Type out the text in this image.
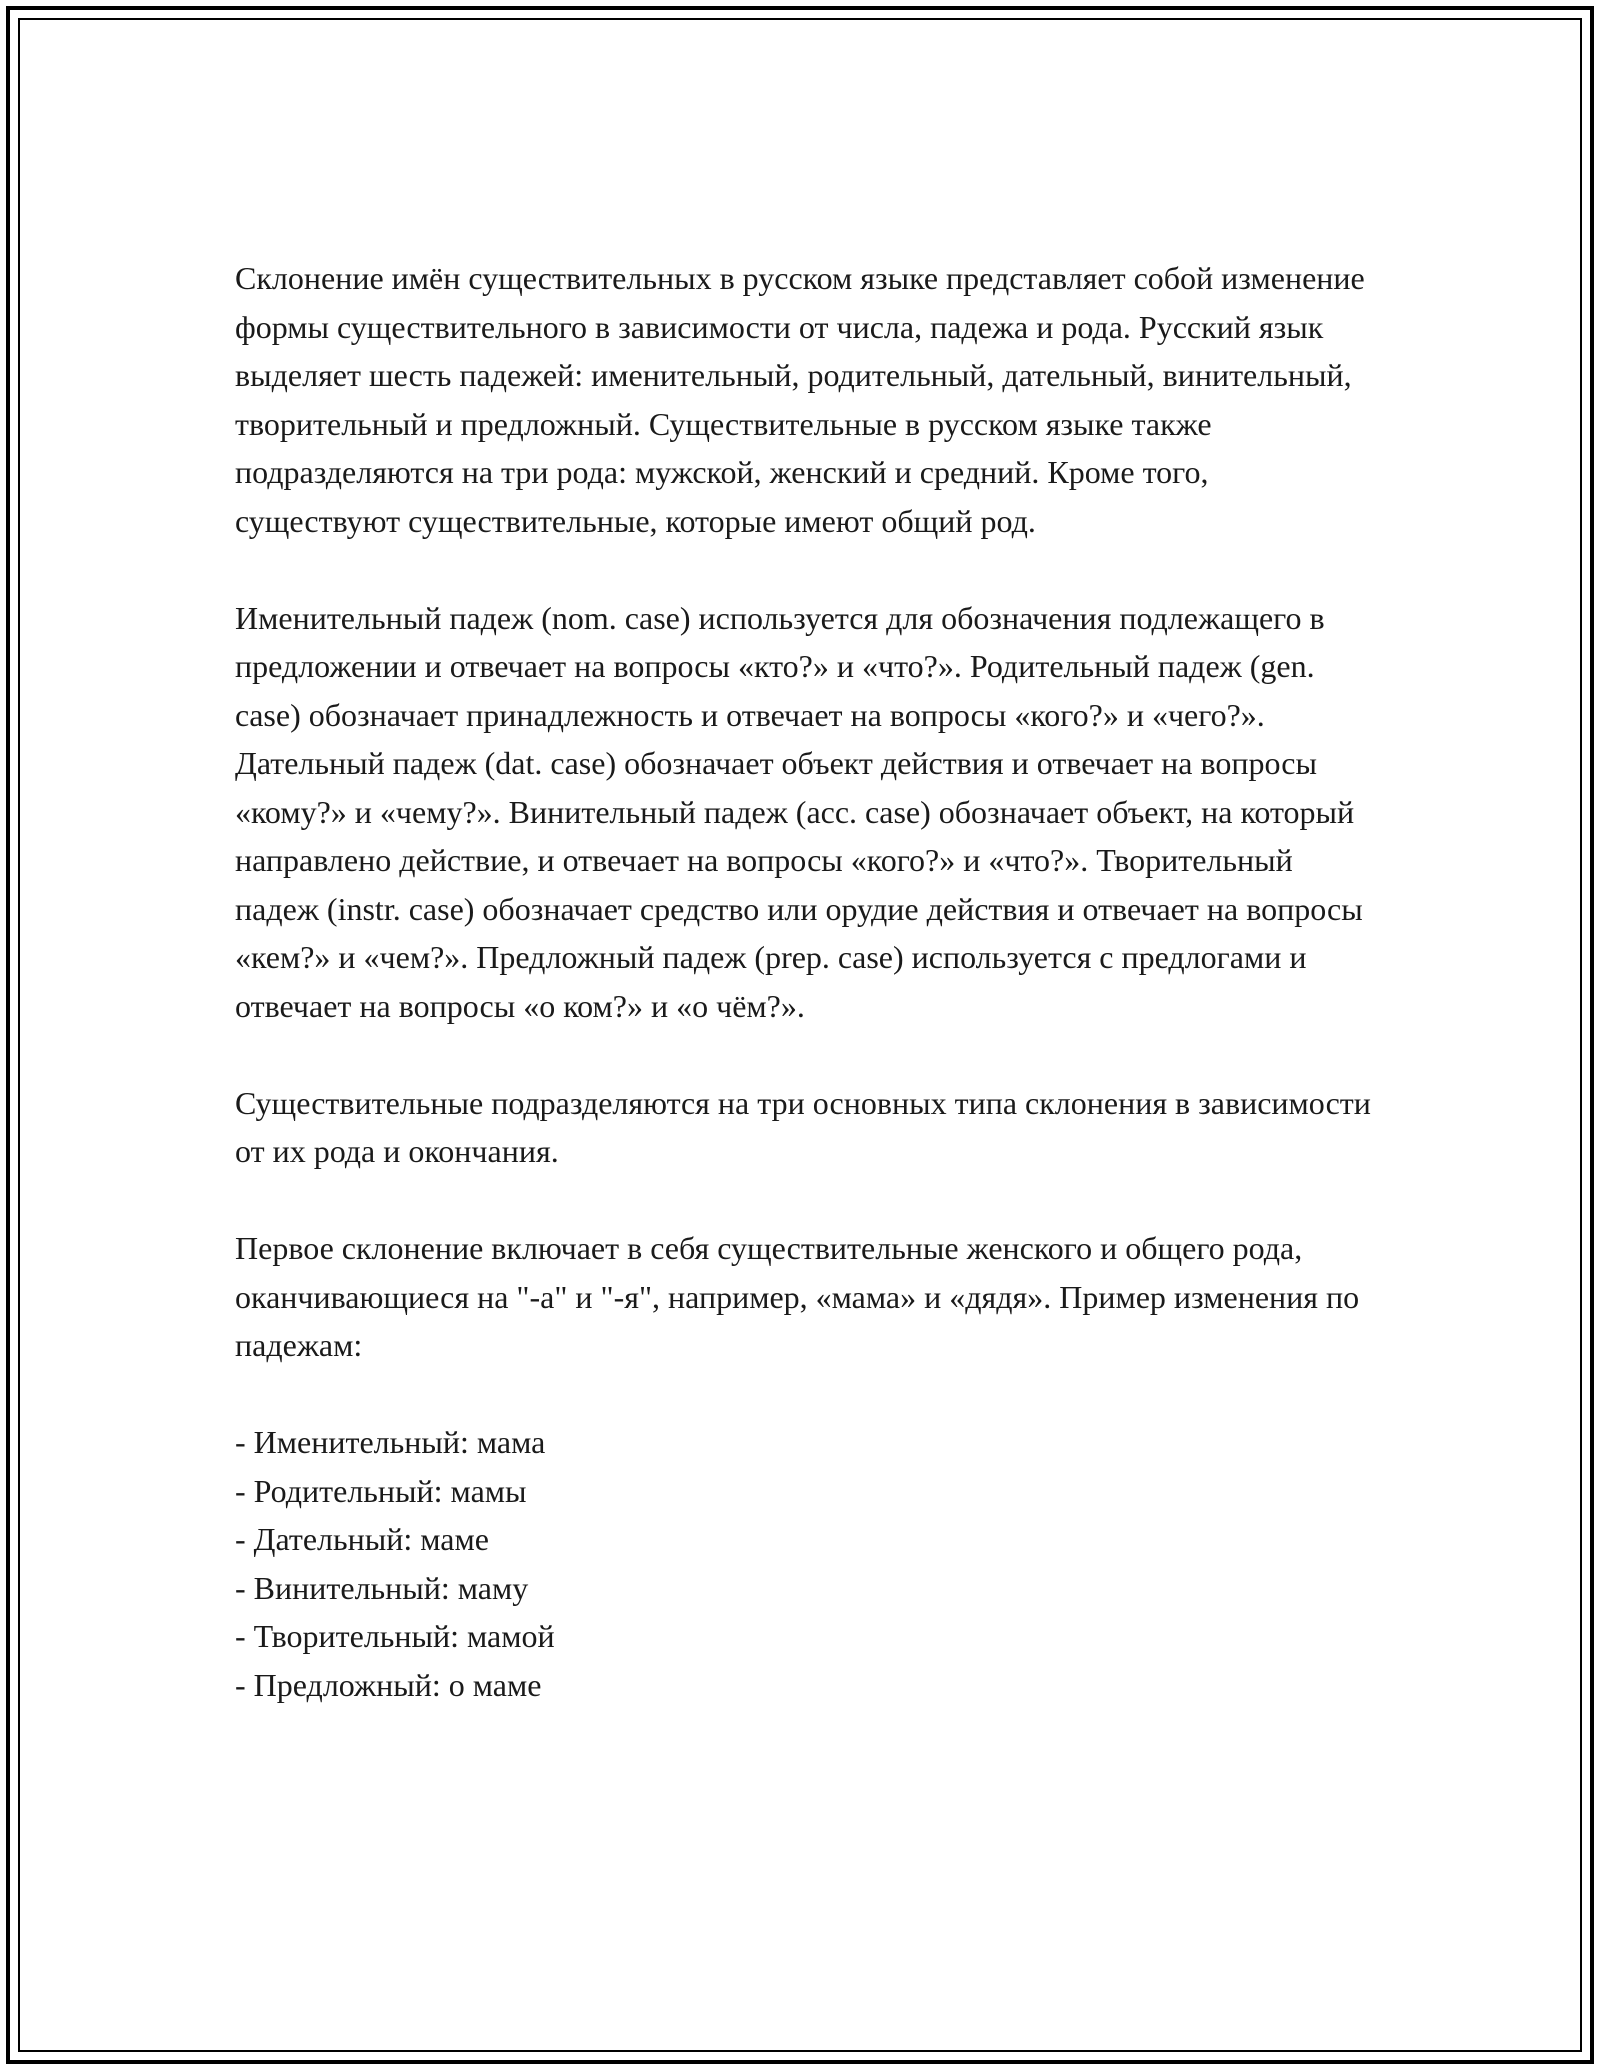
Склонение имён существительных в русском языке представляет собой изменение формы существительного в зависимости от числа, падежа и рода. Русский язык выделяет шесть падежей: именительный, родительный, дательный, винительный, творительный и предложный. Существительные в русском языке также подразделяются на три рода: мужской, женский и средний. Кроме того, существуют существительные, которые имеют общий род.

Именительный падеж (nom. case) используется для обозначения подлежащего в предложении и отвечает на вопросы «кто?» и «что?». Родительный падеж (gen. case) обозначает принадлежность и отвечает на вопросы «кого?» и «чего?». Дательный падеж (dat. case) обозначает объект действия и отвечает на вопросы «кому?» и «чему?». Винительный падеж (acc. case) обозначает объект, на который направлено действие, и отвечает на вопросы «кого?» и «что?». Творительный падеж (instr. case) обозначает средство или орудие действия и отвечает на вопросы «кем?» и «чем?». Предложный падеж (prep. case) используется с предлогами и отвечает на вопросы «о ком?» и «о чём?».

Существительные подразделяются на три основных типа склонения в зависимости от их рода и окончания.

Первое склонение включает в себя существительные женского и общего рода, оканчивающиеся на "-а" и "-я", например, «мама» и «дядя». Пример изменения по падежам:

- Именительный: мама
- Родительный: мамы
- Дательный: маме
- Винительный: маму
- Творительный: мамой
- Предложный: о маме
